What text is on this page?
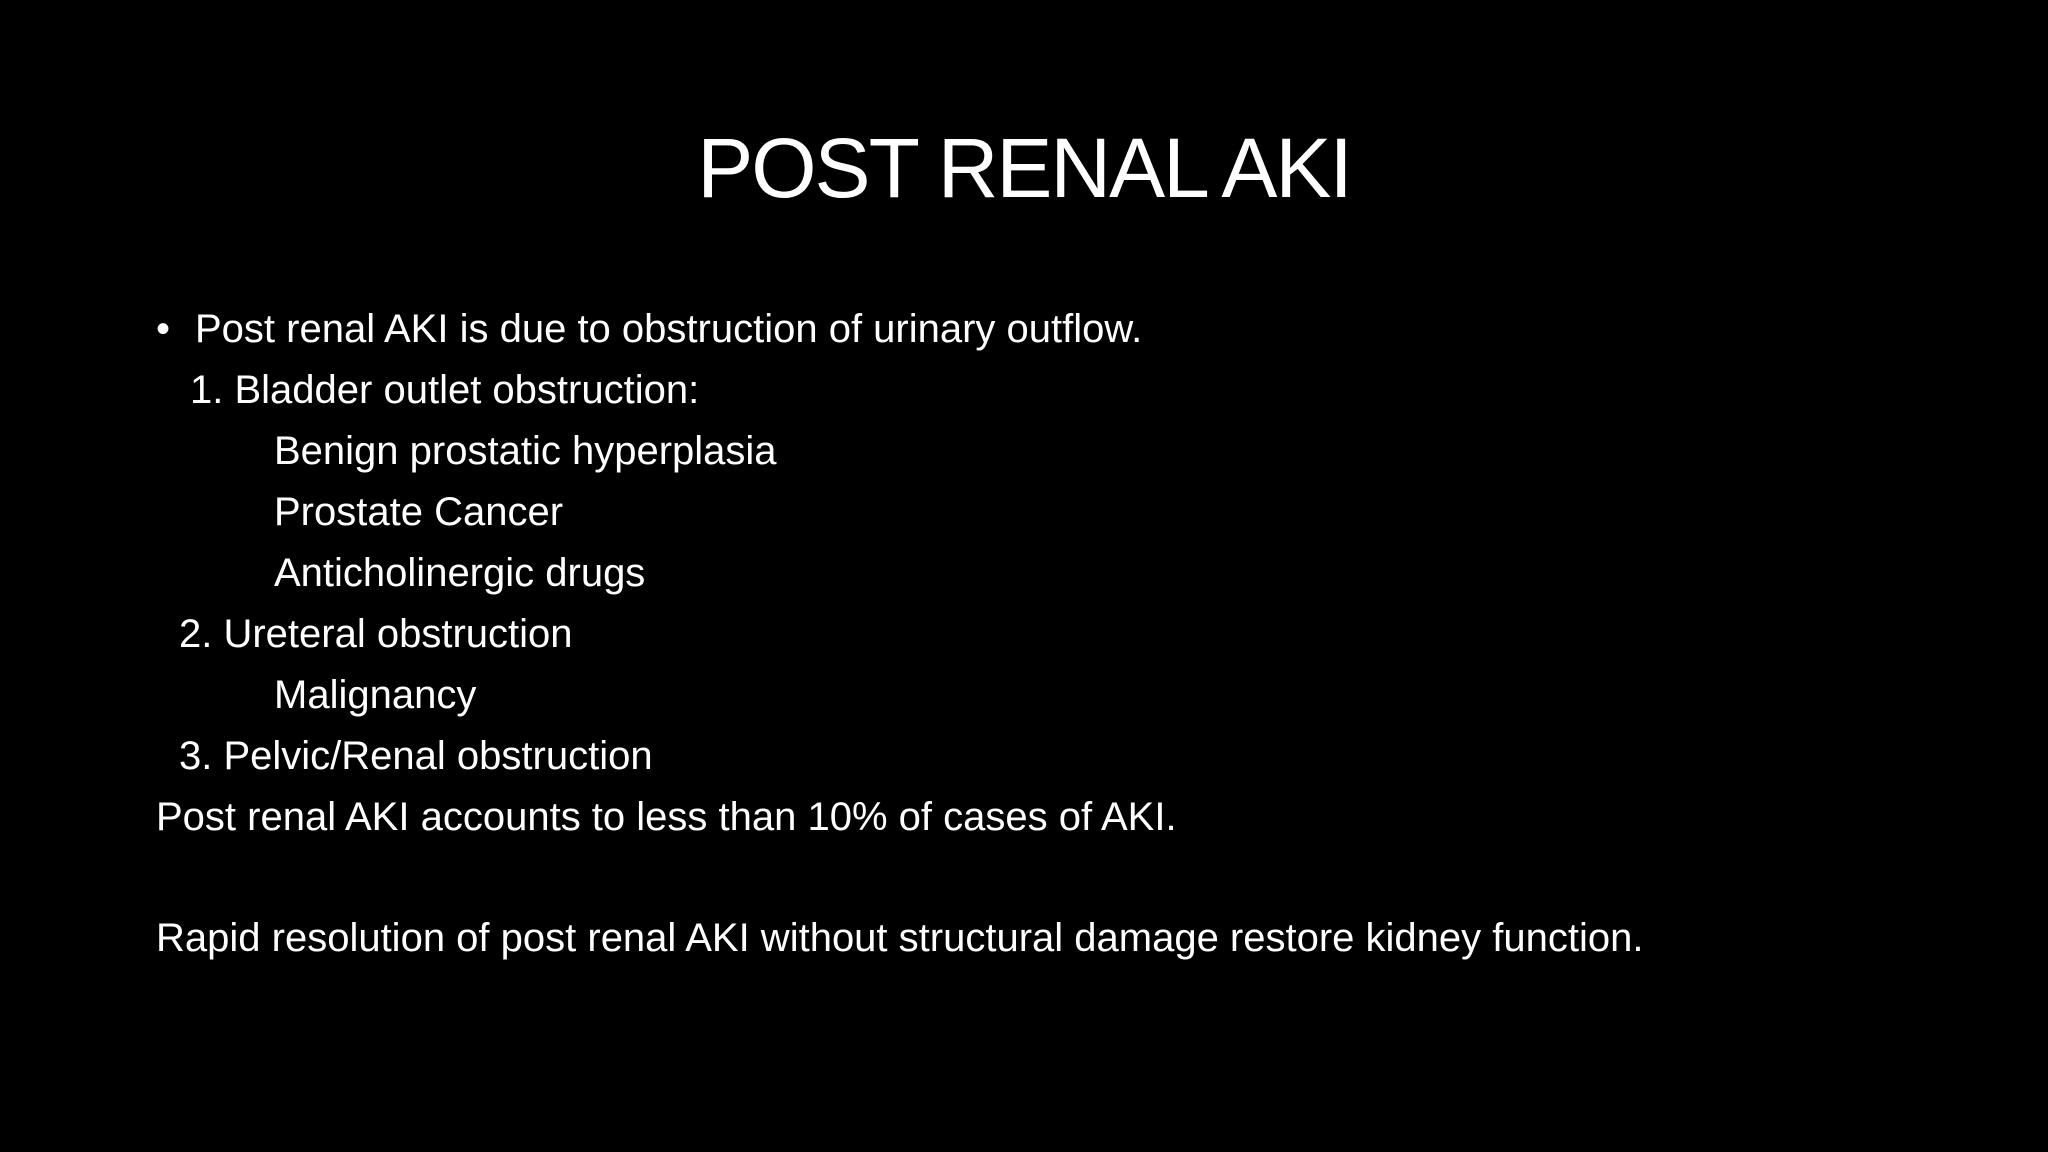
POST RENAL AKI
• Post renal AKI is due to obstruction of urinary outflow.
1. Bladder outlet obstruction:
Benign prostatic hyperplasia
Prostate Cancer
Anticholinergic drugs
2. Ureteral obstruction
Malignancy
3. Pelvic/Renal obstruction
Post renal AKI accounts to less than 10% of cases of AKI.
Rapid resolution of post renal AKI without structural damage restore kidney function.
